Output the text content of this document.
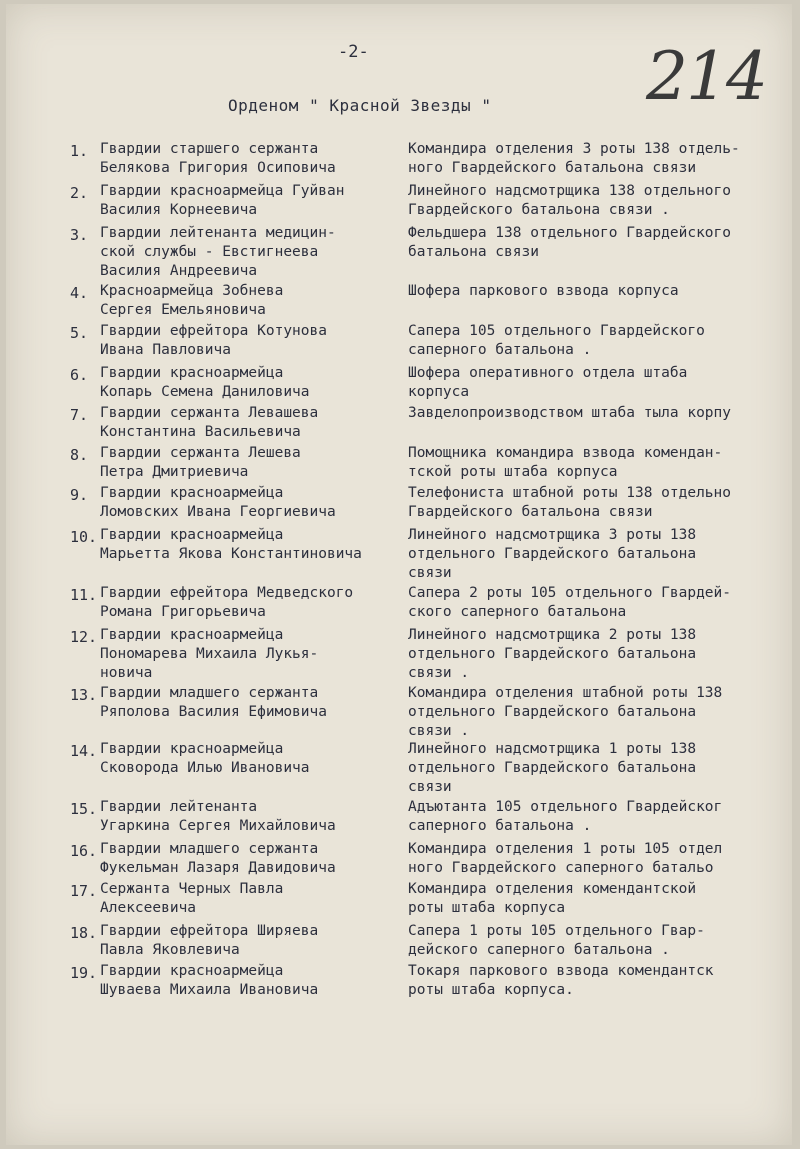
-2-	214
Орденом " Красной Звезды "
1. Гвардии старшего сержанта
Белякова Григория Осиповича
Командира отделения 3 роты 138 отдель-
ного Гвардейского батальона связи
2. Гвардии красноармейца Гуйван
Василия Корнеевича
Линейного надсмотрщика 138 отдельного
Гвардейского батальона связи .
3. Гвардии лейтенанта медицин-
ской службы - Евстигнеева
Василия Андреевича
Фельдшера 138 отдельного Гвардейского
батальона связи
4. Красноармейца Зобнева
Сергея Емельяновича
Шофера паркового взвода корпуса
5. Гвардии ефрейтора Котунова
Ивана Павловича
Сапера 105 отдельного Гвардейского
саперного батальона .
6. Гвардии красноармейца
Копарь Семена Даниловича
Шофера оперативного отдела штаба
корпуса
7. Гвардии сержанта Левашева
Константина Васильевича
Завделопроизводством штаба тыла корпу
8. Гвардии сержанта Лешева
Петра Дмитриевича
Помощника командира взвода комендан-
тской роты штаба корпуса
9. Гвардии красноармейца
Ломовских Ивана Георгиевича
Телефониста штабной роты 138 отдельно
Гвардейского батальона связи
10. Гвардии красноармейца
Марьетта Якова Константиновича
Линейного надсмотрщика 3 роты 138
отдельного Гвардейского батальона
связи
11. Гвардии ефрейтора Медведского
Романа Григорьевича
Сапера 2 роты 105 отдельного Гвардей-
ского саперного батальона
12. Гвардии красноармейца
Пономарева Михаила Лукья-
новича
Линейного надсмотрщика 2 роты 138
отдельного Гвардейского батальона
связи .
13. Гвардии младшего сержанта
Ряполова Василия Ефимовича
Командира отделения штабной роты 138
отдельного Гвардейского батальона
связи .
14. Гвардии красноармейца
Сковорода Илью Ивановича
Линейного надсмотрщика 1 роты 138
отдельного Гвардейского батальона
связи
15. Гвардии лейтенанта
Угаркина Сергея Михайловича
Адъютанта 105 отдельного Гвардейског
саперного батальона .
16. Гвардии младшего сержанта
Фукельман Лазаря Давидовича
Командира отделения 1 роты 105 отдел
ного Гвардейского саперного батальо
17. Сержанта Черных Павла
Алексеевича
Командира отделения комендантской
роты штаба корпуса
18. Гвардии ефрейтора Ширяева
Павла Яковлевича
Сапера 1 роты 105 отдельного Гвар-
дейского саперного батальона .
19. Гвардии красноармейца
Шуваева Михаила Ивановича
Токаря паркового взвода комендантск
роты штаба корпуса.
